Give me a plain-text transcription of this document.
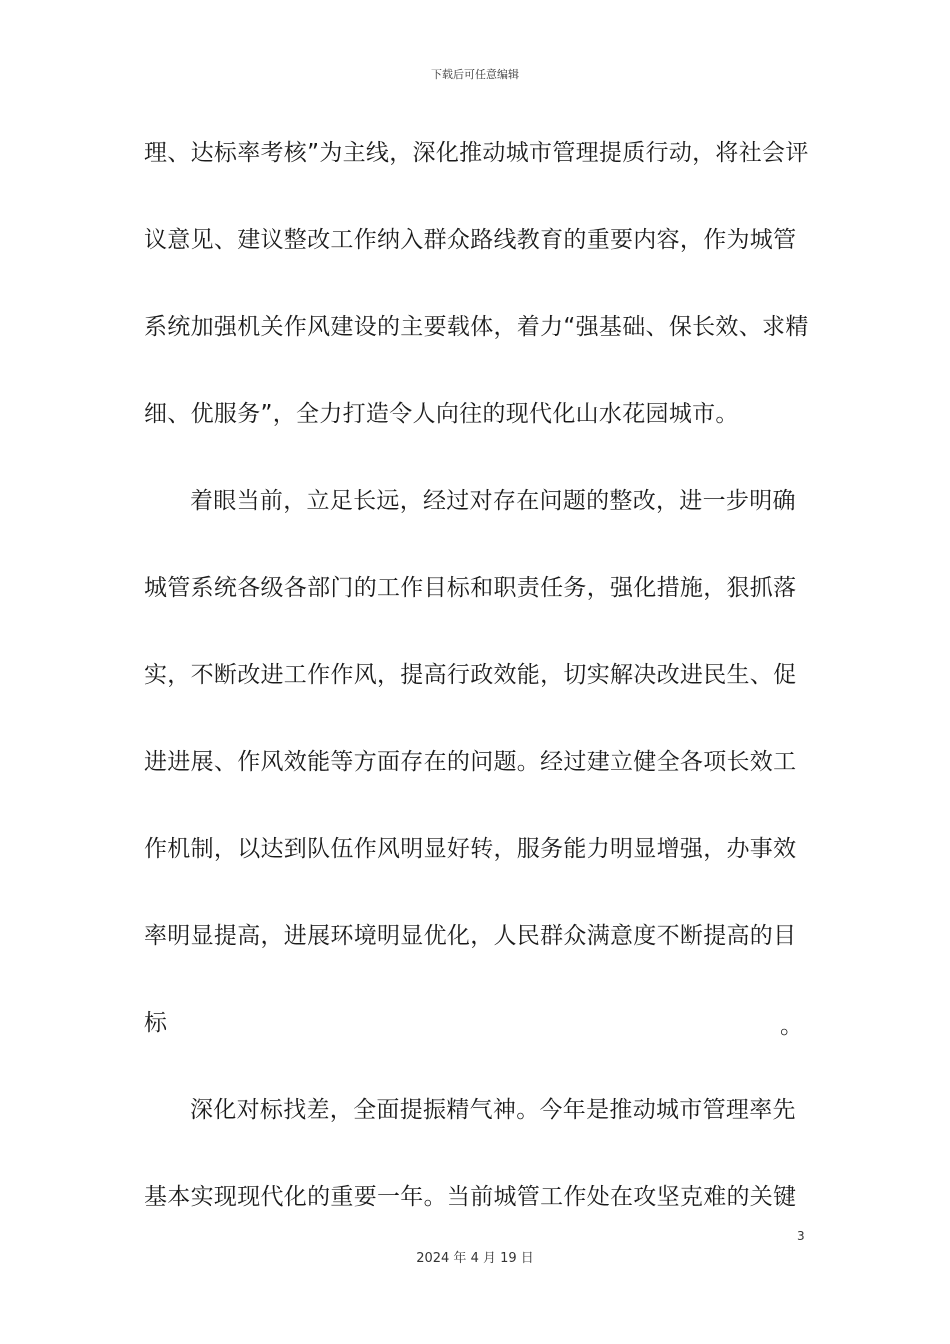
下载后可任意编辑
理、达标率考核”为主线，深化推动城市管理提质行动，将社会评
议意见、建议整改工作纳入群众路线教育的重要内容，作为城管
系统加强机关作风建设的主要载体，着力“强基础、保长效、求精
细、优服务”，全力打造令人向往的现代化山水花园城市。
着眼当前，立足长远，经过对存在问题的整改，进一步明确
城管系统各级各部门的工作目标和职责任务，强化措施，狠抓落
实，不断改进工作作风，提高行政效能，切实解决改进民生、促
进进展、作风效能等方面存在的问题。经过建立健全各项长效工
作机制，以达到队伍作风明显好转，服务能力明显增强，办事效
率明显提高，进展环境明显优化，人民群众满意度不断提高的目
标	。
深化对标找差，全面提振精气神。今年是推动城市管理率先
基本实现现代化的重要一年。当前城管工作处在攻坚克难的关键
3
2024 年 4 月 19 日
